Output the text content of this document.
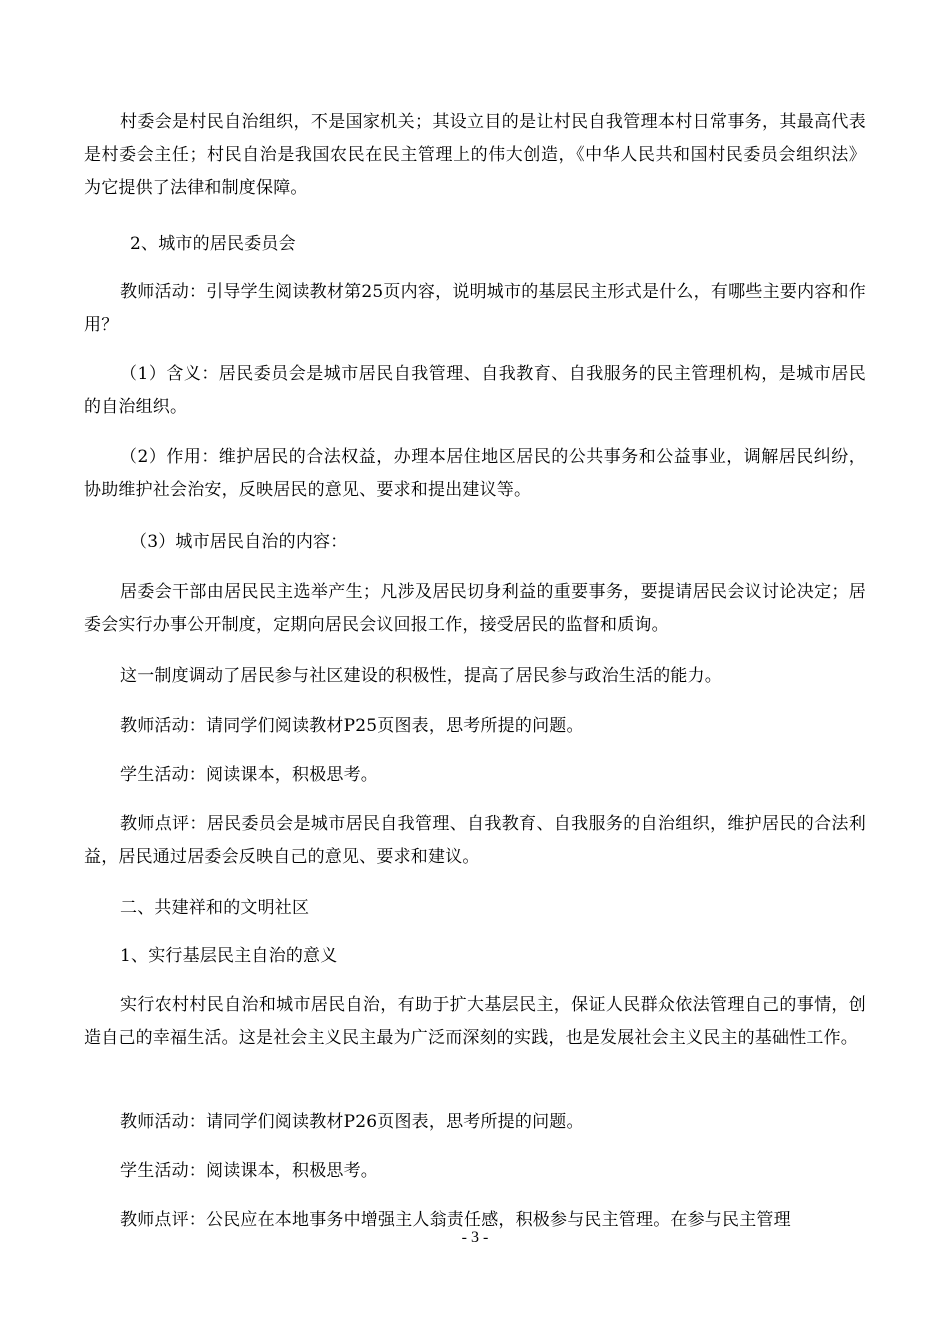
村委会是村民自治组织，不是国家机关；其设立目的是让村民自我管理本村日常事务，其最高代表是村委会主任；村民自治是我国农民在民主管理上的伟大创造，《中华人民共和国村民委员会组织法》为它提供了法律和制度保障。

2、城市的居民委员会

教师活动：引导学生阅读教材第25页内容，说明城市的基层民主形式是什么，有哪些主要内容和作用？

（1）含义：居民委员会是城市居民自我管理、自我教育、自我服务的民主管理机构，是城市居民的自治组织。

（2）作用：维护居民的合法权益，办理本居住地区居民的公共事务和公益事业，调解居民纠纷，协助维护社会治安，反映居民的意见、要求和提出建议等。

（3）城市居民自治的内容：

居委会干部由居民民主选举产生；凡涉及居民切身利益的重要事务，要提请居民会议讨论决定；居委会实行办事公开制度，定期向居民会议回报工作，接受居民的监督和质询。

这一制度调动了居民参与社区建设的积极性，提高了居民参与政治生活的能力。

教师活动：请同学们阅读教材P25页图表，思考所提的问题。

学生活动：阅读课本，积极思考。

教师点评：居民委员会是城市居民自我管理、自我教育、自我服务的自治组织，维护居民的合法利益，居民通过居委会反映自己的意见、要求和建议。

二、共建祥和的文明社区

1、实行基层民主自治的意义

实行农村村民自治和城市居民自治，有助于扩大基层民主，保证人民群众依法管理自己的事情，创造自己的幸福生活。这是社会主义民主最为广泛而深刻的实践，也是发展社会主义民主的基础性工作。

教师活动：请同学们阅读教材P26页图表，思考所提的问题。

学生活动：阅读课本，积极思考。

教师点评：公民应在本地事务中增强主人翁责任感，积极参与民主管理。在参与民主管理

- 3 -
